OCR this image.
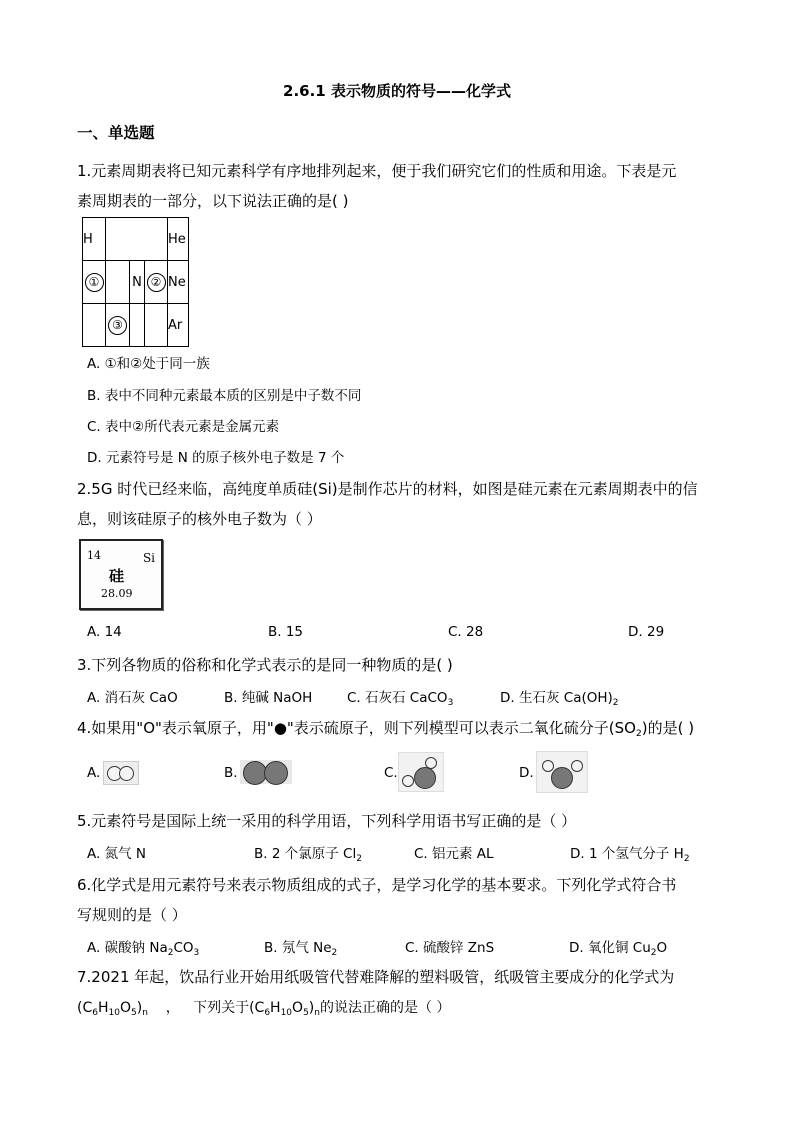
2.6.1 表示物质的符号——化学式
一、单选题
1.元素周期表将已知元素科学有序地排列起来，便于我们研究它们的性质和用途。下表是元
素周期表的一部分，以下说法正确的是( )
H				He
①		N	②	Ne
	③			Ar
A. ①和②处于同一族
B. 表中不同种元素最本质的区别是中子数不同
C. 表中②所代表元素是金属元素
D. 元素符号是 N 的原子核外电子数是 7 个
2.5G 时代已经来临，高纯度单质硅(Si)是制作芯片的材料，如图是硅元素在元素周期表中的信
息，则该硅原子的核外电子数为（ ）
14	Si
硅
28.09
A. 14	B. 15	C. 28	D. 29
3.下列各物质的俗称和化学式表示的是同一种物质的是( )
A. 消石灰 CaO	B. 纯碱 NaOH	C. 石灰石 CaCO$_3$	D. 生石灰 $Ca(OH)_2$
4.如果用"O"表示氧原子，用"●"表示硫原子，则下列模型可以表示二氧化硫分子$(SO_2)$的是( )
A.	B.	C.	D.
5.元素符号是国际上统一采用的科学用语，下列科学用语书写正确的是（ ）
A. 氮气 N	B. 2 个氯原子 $Cl_2$	C. 铝元素 AL	D. 1 个氢气分子 $H_2$
6.化学式是用元素符号来表示物质组成的式子，是学习化学的基本要求。下列化学式符合书
写规则的是（ ）
A. 碳酸钠 $Na_2CO_3$	B. 氖气 $Ne_2$	C. 硫酸锌 ZnS	D. 氧化铜 $Cu_2O$
7.2021 年起，饮品行业开始用纸吸管代替难降解的塑料吸管，纸吸管主要成分的化学式为
$(C_6H_{10}O_5)_n$    ，   下列关于$(C_6H_{10}O_5)_n$的说法正确的是（ ）
